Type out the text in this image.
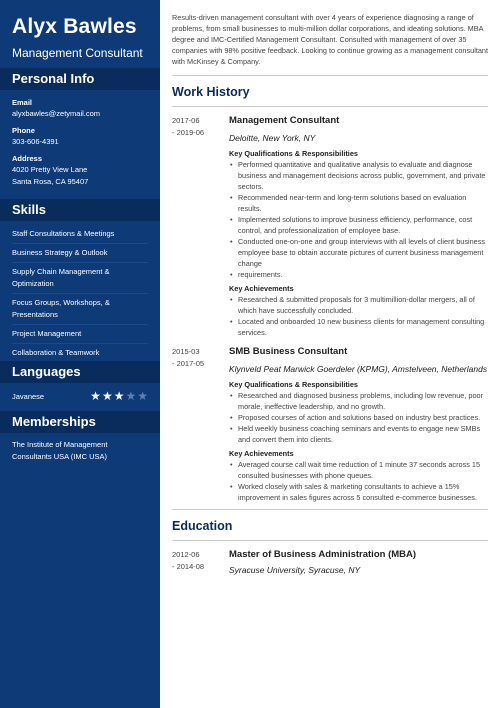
Alyx Bawles
Management Consultant
Personal Info
Email
alyxbawles@zetymail.com
Phone
303-606-4391
Address
4020 Pretty View Lane
Santa Rosa, CA 95407
Skills
Staff Consultations & Meetings
Business Strategy & Outlook
Supply Chain Management & Optimization
Focus Groups, Workshops, & Presentations
Project Management
Collaboration & Teamwork
Languages
Javanese	★★★★★
Memberships
The Institute of Management Consultants USA (IMC USA)
Results-driven management consultant with over 4 years of experience diagnosing a range of problems, from small businesses to multi-million dollar corporations, and ideating solutions. MBA degree and IMC-Certified Management Consultant. Consulted with management of over 35 companies with 98% positive feedback. Looking to continue growing as a management consultant with McKinsey & Company.
Work History
2017-06
- 2019-06
Management Consultant
Deloitte, New York, NY
Key Qualifications & Responsibilities
• Performed quantitative and qualitative analysis to evaluate and diagnose business and management decisions across public, government, and private sectors.
• Recommended near-term and long-term solutions based on evaluation results.
• Implemented solutions to improve business efficiency, performance, cost control, and professionalization of employee base.
• Conducted one-on-one and group interviews with all levels of client business employee base to obtain accurate pictures of current business management change
• requirements.
Key Achievements
• Researched & submitted proposals for 3 multimillion-dollar mergers, all of which have successfully concluded.
• Located and onboarded 10 new business clients for management consulting services.
2015-03
- 2017-05
SMB Business Consultant
Klynveld Peat Marwick Goerdeler (KPMG), Amstelveen, Netherlands
Key Qualifications & Responsibilities
• Researched and diagnosed business problems, including low revenue, poor morale, ineffective leadership, and no growth.
• Proposed courses of action and solutions based on industry best practices.
• Held weekly business coaching seminars and events to engage new SMBs and convert them into clients.
Key Achievements
• Averaged course call wait time reduction of 1 minute 37 seconds across 15 consulted businesses with phone queues.
• Worked closely with sales & marketing consultants to achieve a 15% improvement in sales figures across 5 consulted e-commerce businesses.
Education
2012-06
- 2014-08
Master of Business Administration (MBA)
Syracuse University, Syracuse, NY
